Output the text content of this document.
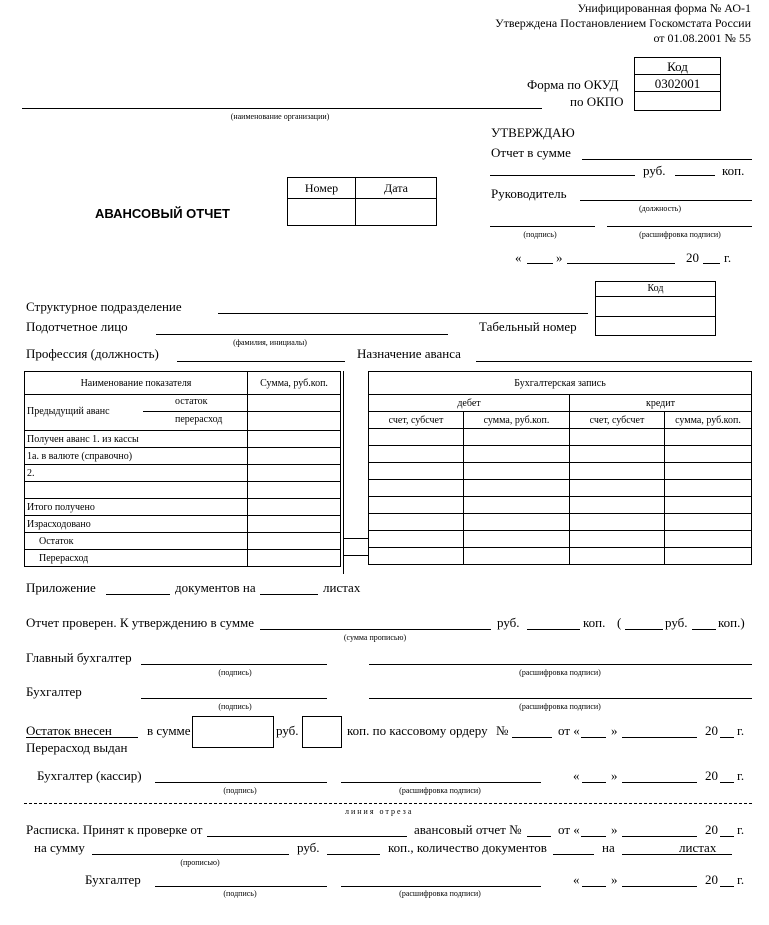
Унифицированная форма № АО-1
Утверждена Постановлением Госкомстата России
от 01.08.2001 № 55
Код
0302001
Форма по ОКУД
по ОКПО
(наименование организации)
УТВЕРЖДАЮ
Отчет в сумме
руб.	коп.
Руководитель
(должность)
(подпись)	(расшифровка подписи)
«	»	20 г.
АВАНСОВЫЙ ОТЧЕТ
Номер	Дата

Структурное подразделение
Подотчетное лицо
(фамилия, инициалы)
Табельный номер
Код
Профессия (должность)	Назначение аванса
Наименование показателя	Сумма, руб.коп.

Предыдущий аванс
остаток
перерасход	

Получен аванс 1. из кассы	
1а. в валюте (справочно)	
2.	

Итого получено	
Израсходовано	
Остаток	
Перерасход	
Бухгалтерская запись			
дебет		кредит	
счет, субсчет	сумма, руб.коп.	счет, субсчет	сумма, руб.коп.

Приложение	документов на	листах
Отчет проверен. К утверждению в сумме
(сумма прописью)
руб.	коп. (	руб. коп.)
Главный бухгалтер
(подпись)	(расшифровка подписи)
Бухгалтер
(подпись)	(расшифровка подписи)
Остаток внесен
Перерасход выдан
в сумме	руб.	коп. по кассовому ордеру №	от « »	20 г.
Бухгалтер (кассир)
(подпись)	(расшифровка подписи)
« »	20 г.
линия отреза
Расписка. Принят к проверке от	авансовый отчет №	от « »	20 г.
на сумму
(прописью)
руб.	коп., количество документов	на	листах
Бухгалтер
(подпись)	(расшифровка подписи)
« »	20 г.
